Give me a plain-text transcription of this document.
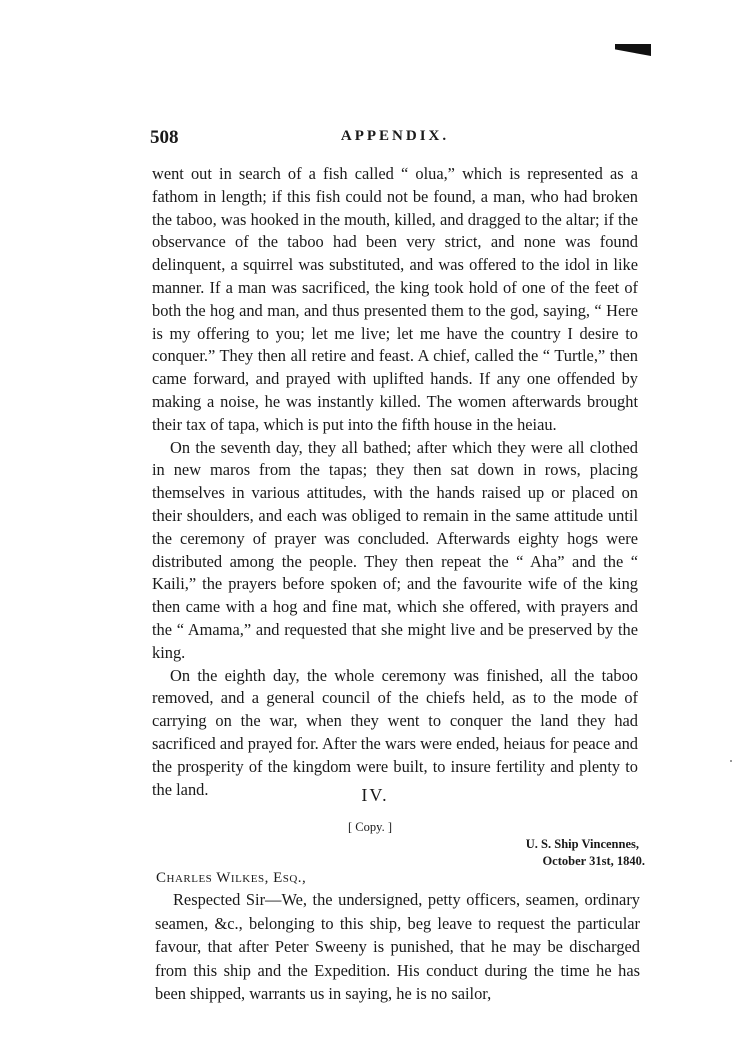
508	APPENDIX.

went out in search of a fish called “ olua,” which is represented as a fathom in length; if this fish could not be found, a man, who had broken the taboo, was hooked in the mouth, killed, and dragged to the altar; if the observance of the taboo had been very strict, and none was found delinquent, a squirrel was substituted, and was offered to the idol in like manner. If a man was sacrificed, the king took hold of one of the feet of both the hog and man, and thus presented them to the god, saying, “ Here is my offering to you; let me live; let me have the country I desire to conquer.” They then all retire and feast. A chief, called the “ Turtle,” then came forward, and prayed with uplifted hands. If any one offended by making a noise, he was instantly killed. The women afterwards brought their tax of tapa, which is put into the fifth house in the heiau.

On the seventh day, they all bathed; after which they were all clothed in new maros from the tapas; they then sat down in rows, placing themselves in various attitudes, with the hands raised up or placed on their shoulders, and each was obliged to remain in the same attitude until the ceremony of prayer was concluded. Afterwards eighty hogs were distributed among the people. They then repeat the “ Aha” and the “ Kaili,” the prayers before spoken of; and the favourite wife of the king then came with a hog and fine mat, which she offered, with prayers and the “ Amama,” and requested that she might live and be preserved by the king.

On the eighth day, the whole ceremony was finished, all the taboo removed, and a general council of the chiefs held, as to the mode of carrying on the war, when they went to conquer the land they had sacrificed and prayed for. After the wars were ended, heiaus for peace and the prosperity of the kingdom were built, to insure fertility and plenty to the land.	IV.
[ Copy. ]
U. S. Ship Vincennes,

October 31st, 1840.
Charles Wilkes, Esq.,

Respected Sir—We, the undersigned, petty officers, seamen, ordinary seamen, &c., belonging to this ship, beg leave to request the particular favour, that after Peter Sweeny is punished, that he may be discharged from this ship and the Expedition. His conduct during the time he has been shipped, warrants us in saying, he is no sailor,
